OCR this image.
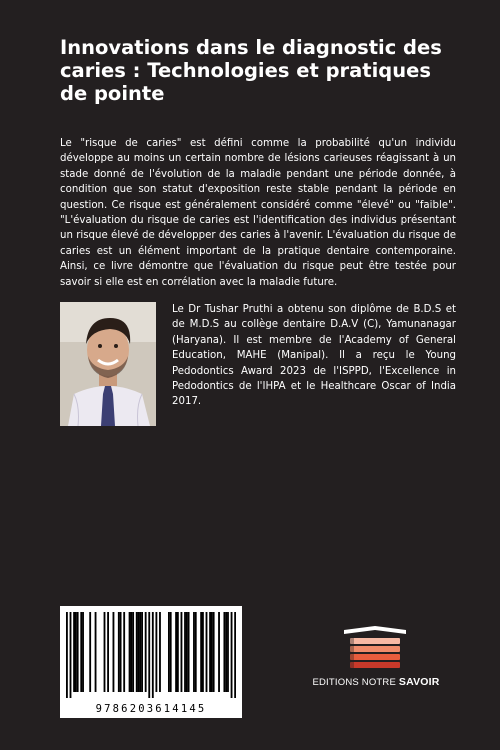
Innovations dans le diagnostic des caries : Technologies et pratiques de pointe

Le "risque de caries" est défini comme la probabilité qu'un individu développe au moins un certain nombre de lésions carieuses réagissant à un stade donné de l'évolution de la maladie pendant une période donnée, à condition que son statut d'exposition reste stable pendant la période en question. Ce risque est généralement considéré comme "élevé" ou "faible". "L'évaluation du risque de caries est l'identification des individus présentant un risque élevé de développer des caries à l'avenir. L'évaluation du risque de caries est un élément important de la pratique dentaire contemporaine. Ainsi, ce livre démontre que l'évaluation du risque peut être testée pour savoir si elle est en corrélation avec la maladie future.

Le Dr Tushar Pruthi a obtenu son diplôme de B.D.S et de M.D.S au collège dentaire D.A.V (C), Yamunanagar (Haryana). Il est membre de l'Academy of General Education, MAHE (Manipal). Il a reçu le Young Pedodontics Award 2023 de l'ISPPD, l'Excellence in Pedodontics de l'IHPA et le Healthcare Oscar of India 2017.

9786203614145
EDITIONS NOTRE SAVOIR
